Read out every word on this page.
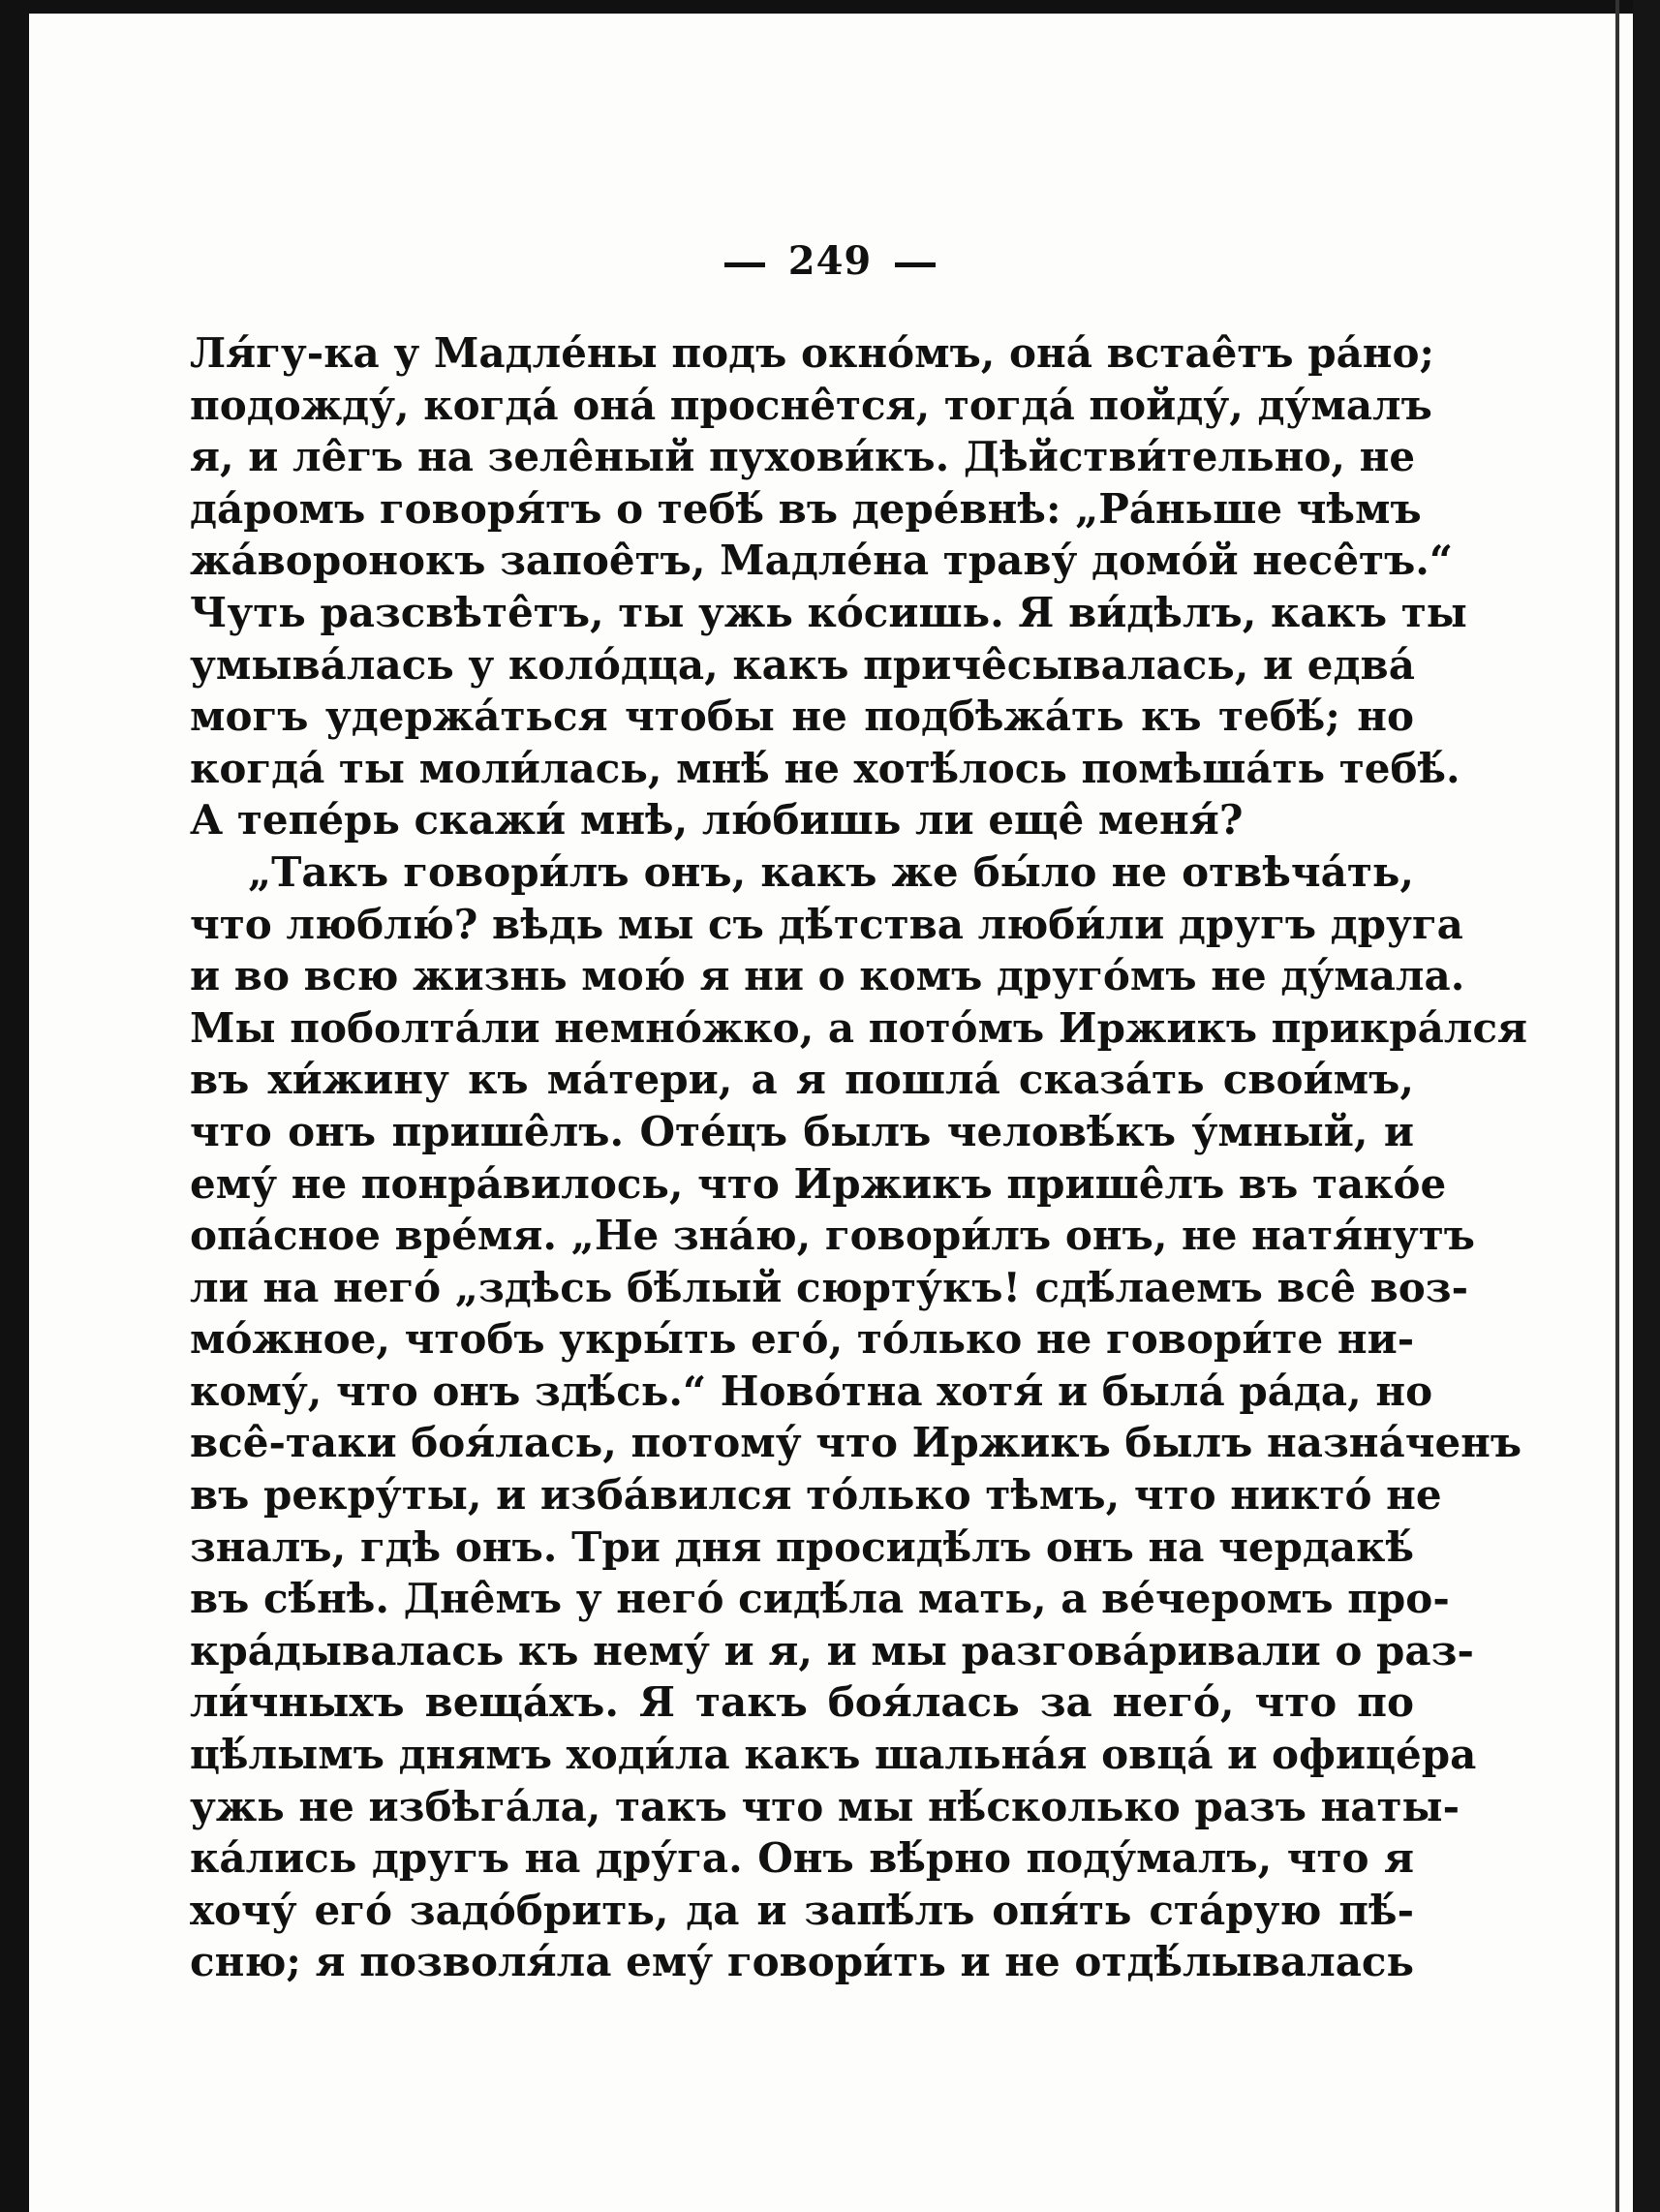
249
Ля́гу-ка у Мадле́ны подъ окно́мъ, она́ встае̂тъ ра́но;
подожду́, когда́ она́ просне̂тся, тогда́ пойду́, ду́малъ
я, и ле̂гъ на зеле̂ный пухови́къ. Дѣйстви́тельно, не
да́ромъ говоря́тъ о тебѣ́ въ дере́внѣ: „Ра́ньше чѣмъ
жа́воронокъ запое̂тъ, Мадле́на траву́ домо́й несе̂тъ.“
Чуть разсвѣте̂тъ, ты ужь ко́сишь. Я ви́дѣлъ, какъ ты
умыва́лась у коло́дца, какъ приче̂сывалась, и едва́
могъ удержа́ться чтобы не подбѣжа́ть къ тебѣ́; но
когда́ ты моли́лась, мнѣ́ не хотѣ́лось помѣша́ть тебѣ́.
А тепе́рь скажи́ мнѣ, лю́бишь ли еще̂ меня́?
„Такъ говори́лъ онъ, какъ же бы́ло не отвѣча́ть,
что люблю́? вѣдь мы съ дѣ́тства люби́ли другъ друга
и во всю жизнь мою́ я ни о комъ друго́мъ не ду́мала.
Мы поболта́ли немно́жко, а пото́мъ Иржикъ прикра́лся
въ хи́жину къ ма́тери, а я пошла́ сказа́ть свои́мъ,
что онъ прише̂лъ. Оте́цъ былъ человѣ́къ у́мный, и
ему́ не понра́вилось, что Иржикъ прише̂лъ въ тако́е
опа́сное вре́мя. „Не зна́ю, говори́лъ онъ, не натя́нутъ
ли на него́ „здѣсь бѣ́лый сюрту́къ! сдѣ́лаемъ все̂ воз-
мо́жное, чтобъ укры́ть его́, то́лько не говори́те ни-
кому́, что онъ здѣ́сь.“ Ново́тна хотя́ и была́ ра́да, но
все̂-таки боя́лась, потому́ что Иржикъ былъ назна́ченъ
въ рекру́ты, и изба́вился то́лько тѣмъ, что никто́ не
зналъ, гдѣ онъ. Три дня просидѣ́лъ онъ на чердакѣ́
въ сѣ́нѣ. Дне̂мъ у него́ сидѣ́ла мать, а ве́черомъ про-
кра́дывалась къ нему́ и я, и мы разгова́ривали о раз-
ли́чныхъ веща́хъ. Я такъ боя́лась за него́, что по
цѣ́лымъ днямъ ходи́ла какъ шальна́я овца́ и офице́ра
ужь не избѣга́ла, такъ что мы нѣ́сколько разъ наты-
ка́лись другъ на дру́га. Онъ вѣ́рно поду́малъ, что я
хочу́ его́ задо́брить, да и запѣ́лъ опя́ть ста́рую пѣ́-
сню; я позволя́ла ему́ говори́ть и не отдѣ́лывалась
